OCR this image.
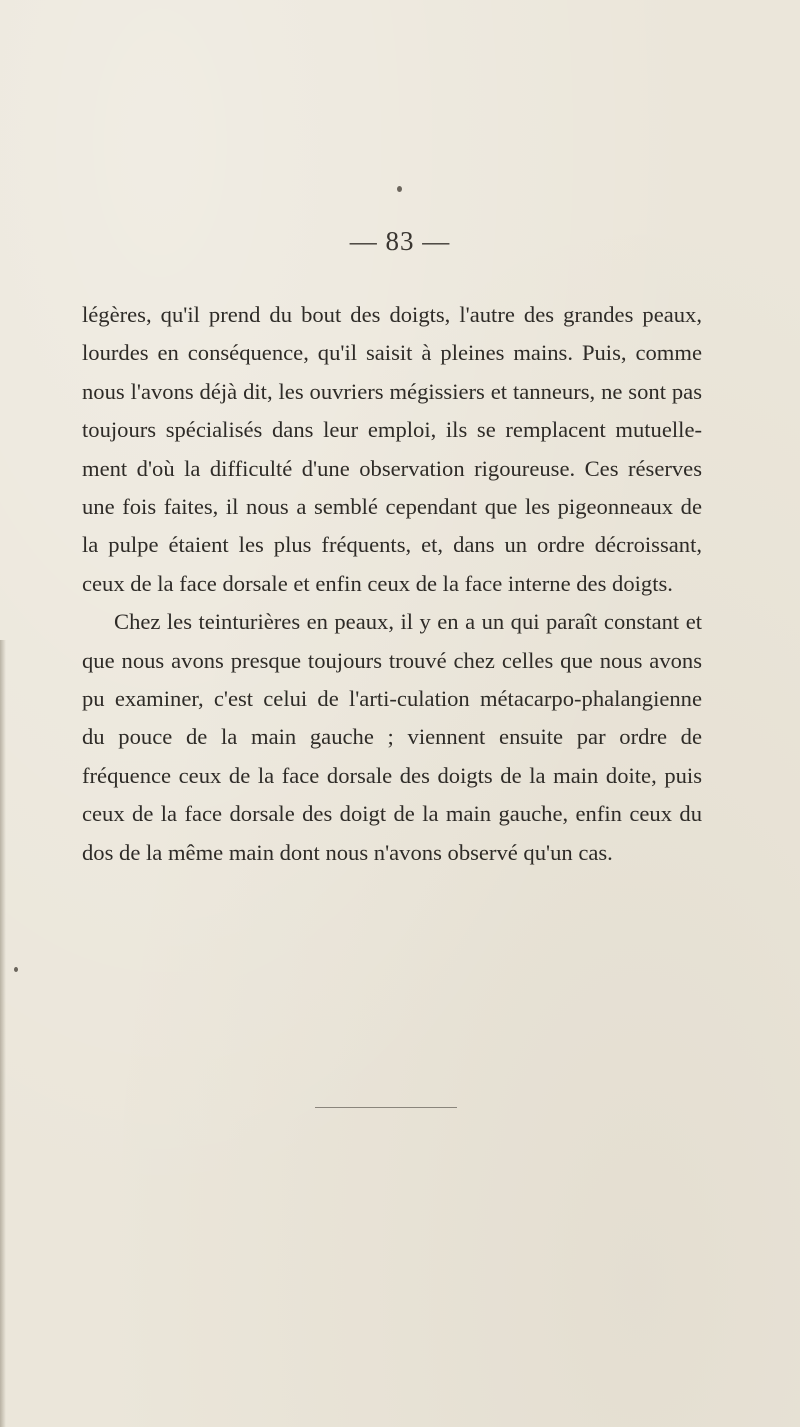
— 83 —

légères, qu'il prend du bout des doigts, l'autre des grandes peaux, lourdes en conséquence, qu'il saisit à pleines mains. Puis, comme nous l'avons déjà dit, les ouvriers mégissiers et tanneurs, ne sont pas toujours spécialisés dans leur emploi, ils se remplacent mutuelle-ment d'où la difficulté d'une observation rigoureuse. Ces réserves une fois faites, il nous a semblé cependant que les pigeonneaux de la pulpe étaient les plus fréquents, et, dans un ordre décroissant, ceux de la face dorsale et enfin ceux de la face interne des doigts.

Chez les teinturières en peaux, il y en a un qui paraît constant et que nous avons presque toujours trouvé chez celles que nous avons pu examiner, c'est celui de l'arti-culation métacarpo-phalangienne du pouce de la main gauche ; viennent ensuite par ordre de fréquence ceux de la face dorsale des doigts de la main doite, puis ceux de la face dorsale des doigt de la main gauche, enfin ceux du dos de la même main dont nous n'avons observé qu'un cas.
